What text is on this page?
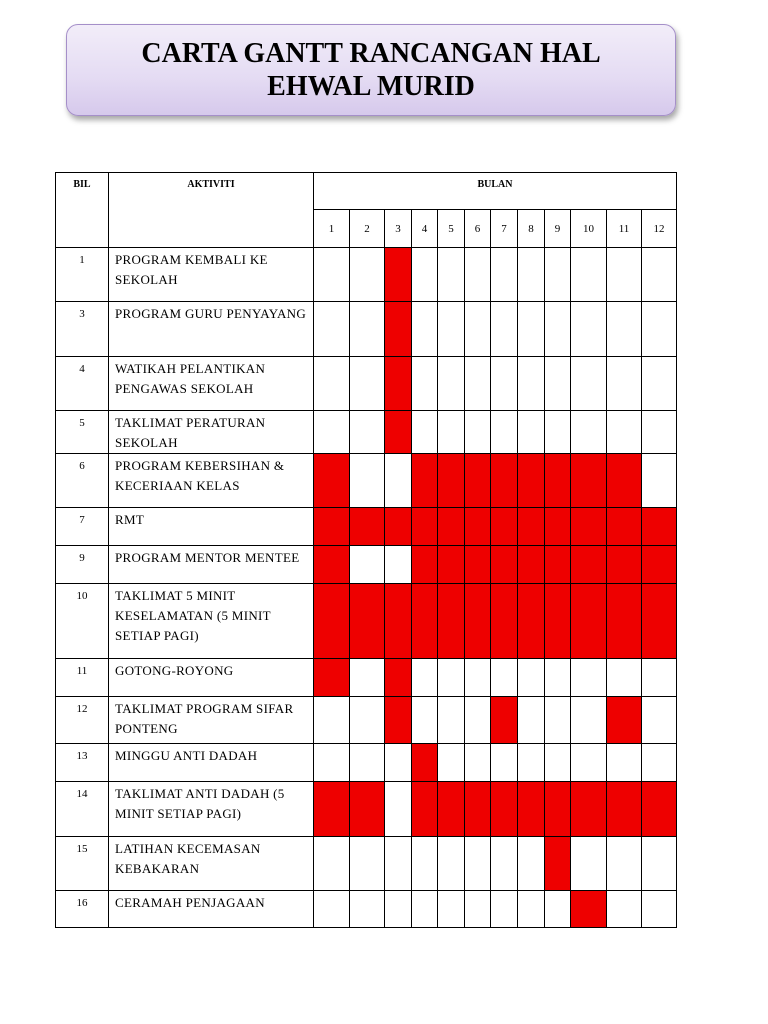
CARTA GANTT RANCANGAN HAL EHWAL MURID
BIL	AKTIVITI	BULAN											
		1	2	3	4	5	6	7	8	9	10	11	12
1	PROGRAM KEMBALI KE SEKOLAH												
3	PROGRAM GURU PENYAYANG												
4	WATIKAH PELANTIKAN PENGAWAS SEKOLAH												
5	TAKLIMAT PERATURAN SEKOLAH												
6	PROGRAM KEBERSIHAN & KECERIAAN KELAS												
7	RMT												
9	PROGRAM MENTOR MENTEE												
10	TAKLIMAT 5 MINIT KESELAMATAN (5 MINIT SETIAP PAGI)												
11	GOTONG-ROYONG												
12	TAKLIMAT PROGRAM SIFAR PONTENG												
13	MINGGU ANTI DADAH												
14	TAKLIMAT ANTI DADAH (5 MINIT SETIAP PAGI)												
15	LATIHAN KECEMASAN KEBAKARAN												
16	CERAMAH PENJAGAAN												
